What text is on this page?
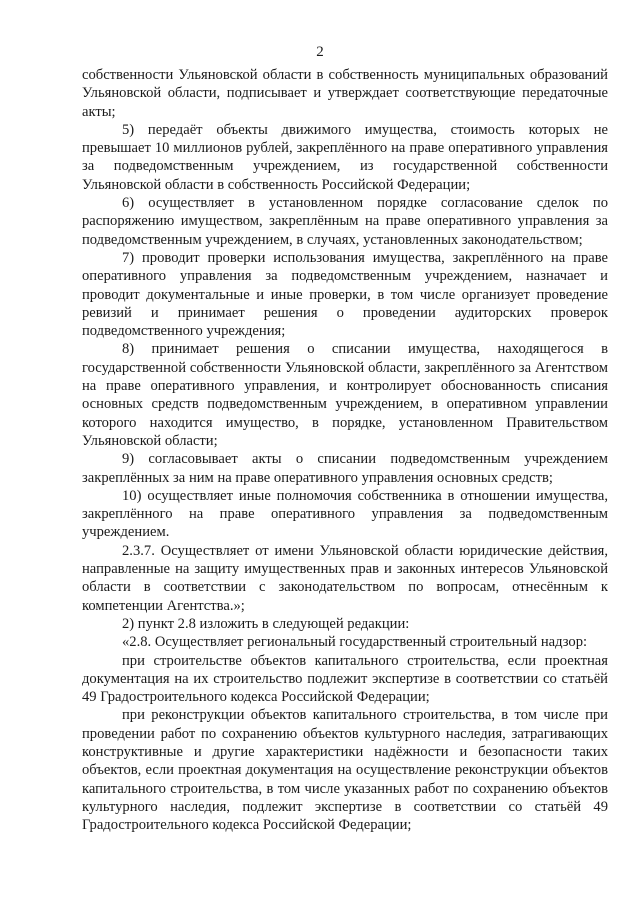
2

собственности Ульяновской области в собственность муниципальных образований Ульяновской области, подписывает и утверждает соответствующие передаточные акты;

5) передаёт объекты движимого имущества, стоимость которых не превышает 10 миллионов рублей, закреплённого на праве оперативного управления за подведомственным учреждением, из государственной собственности Ульяновской области в собственность Российской Федерации;

6) осуществляет в установленном порядке согласование сделок по распоряжению имуществом, закреплённым на праве оперативного управления за подведомственным учреждением, в случаях, установленных законодательством;

7) проводит проверки использования имущества, закреплённого на праве оперативного управления за подведомственным учреждением, назначает и проводит документальные и иные проверки, в том числе организует проведение ревизий и принимает решения о проведении аудиторских проверок подведомственного учреждения;

8) принимает решения о списании имущества, находящегося в государственной собственности Ульяновской области, закреплённого за Агентством на праве оперативного управления, и контролирует обоснованность списания основных средств подведомственным учреждением, в оперативном управлении которого находится имущество, в порядке, установленном Правительством Ульяновской области;

9) согласовывает акты о списании подведомственным учреждением закреплённых за ним на праве оперативного управления основных средств;

10) осуществляет иные полномочия собственника в отношении имущества, закреплённого на праве оперативного управления за подведомственным учреждением.

2.3.7. Осуществляет от имени Ульяновской области юридические действия, направленные на защиту имущественных прав и законных интересов Ульяновской области в соответствии с законодательством по вопросам, отнесённым к компетенции Агентства.»;

2) пункт 2.8 изложить в следующей редакции:

«2.8. Осуществляет региональный государственный строительный надзор:

при строительстве объектов капитального строительства, если проектная документация на их строительство подлежит экспертизе в соответствии со статьёй 49 Градостроительного кодекса Российской Федерации;

при реконструкции объектов капитального строительства, в том числе при проведении работ по сохранению объектов культурного наследия, затрагивающих конструктивные и другие характеристики надёжности и безопасности таких объектов, если проектная документация на осуществление реконструкции объектов капитального строительства, в том числе указанных работ по сохранению объектов культурного наследия, подлежит экспертизе в соответствии со статьёй 49 Градостроительного кодекса Российской Федерации;
